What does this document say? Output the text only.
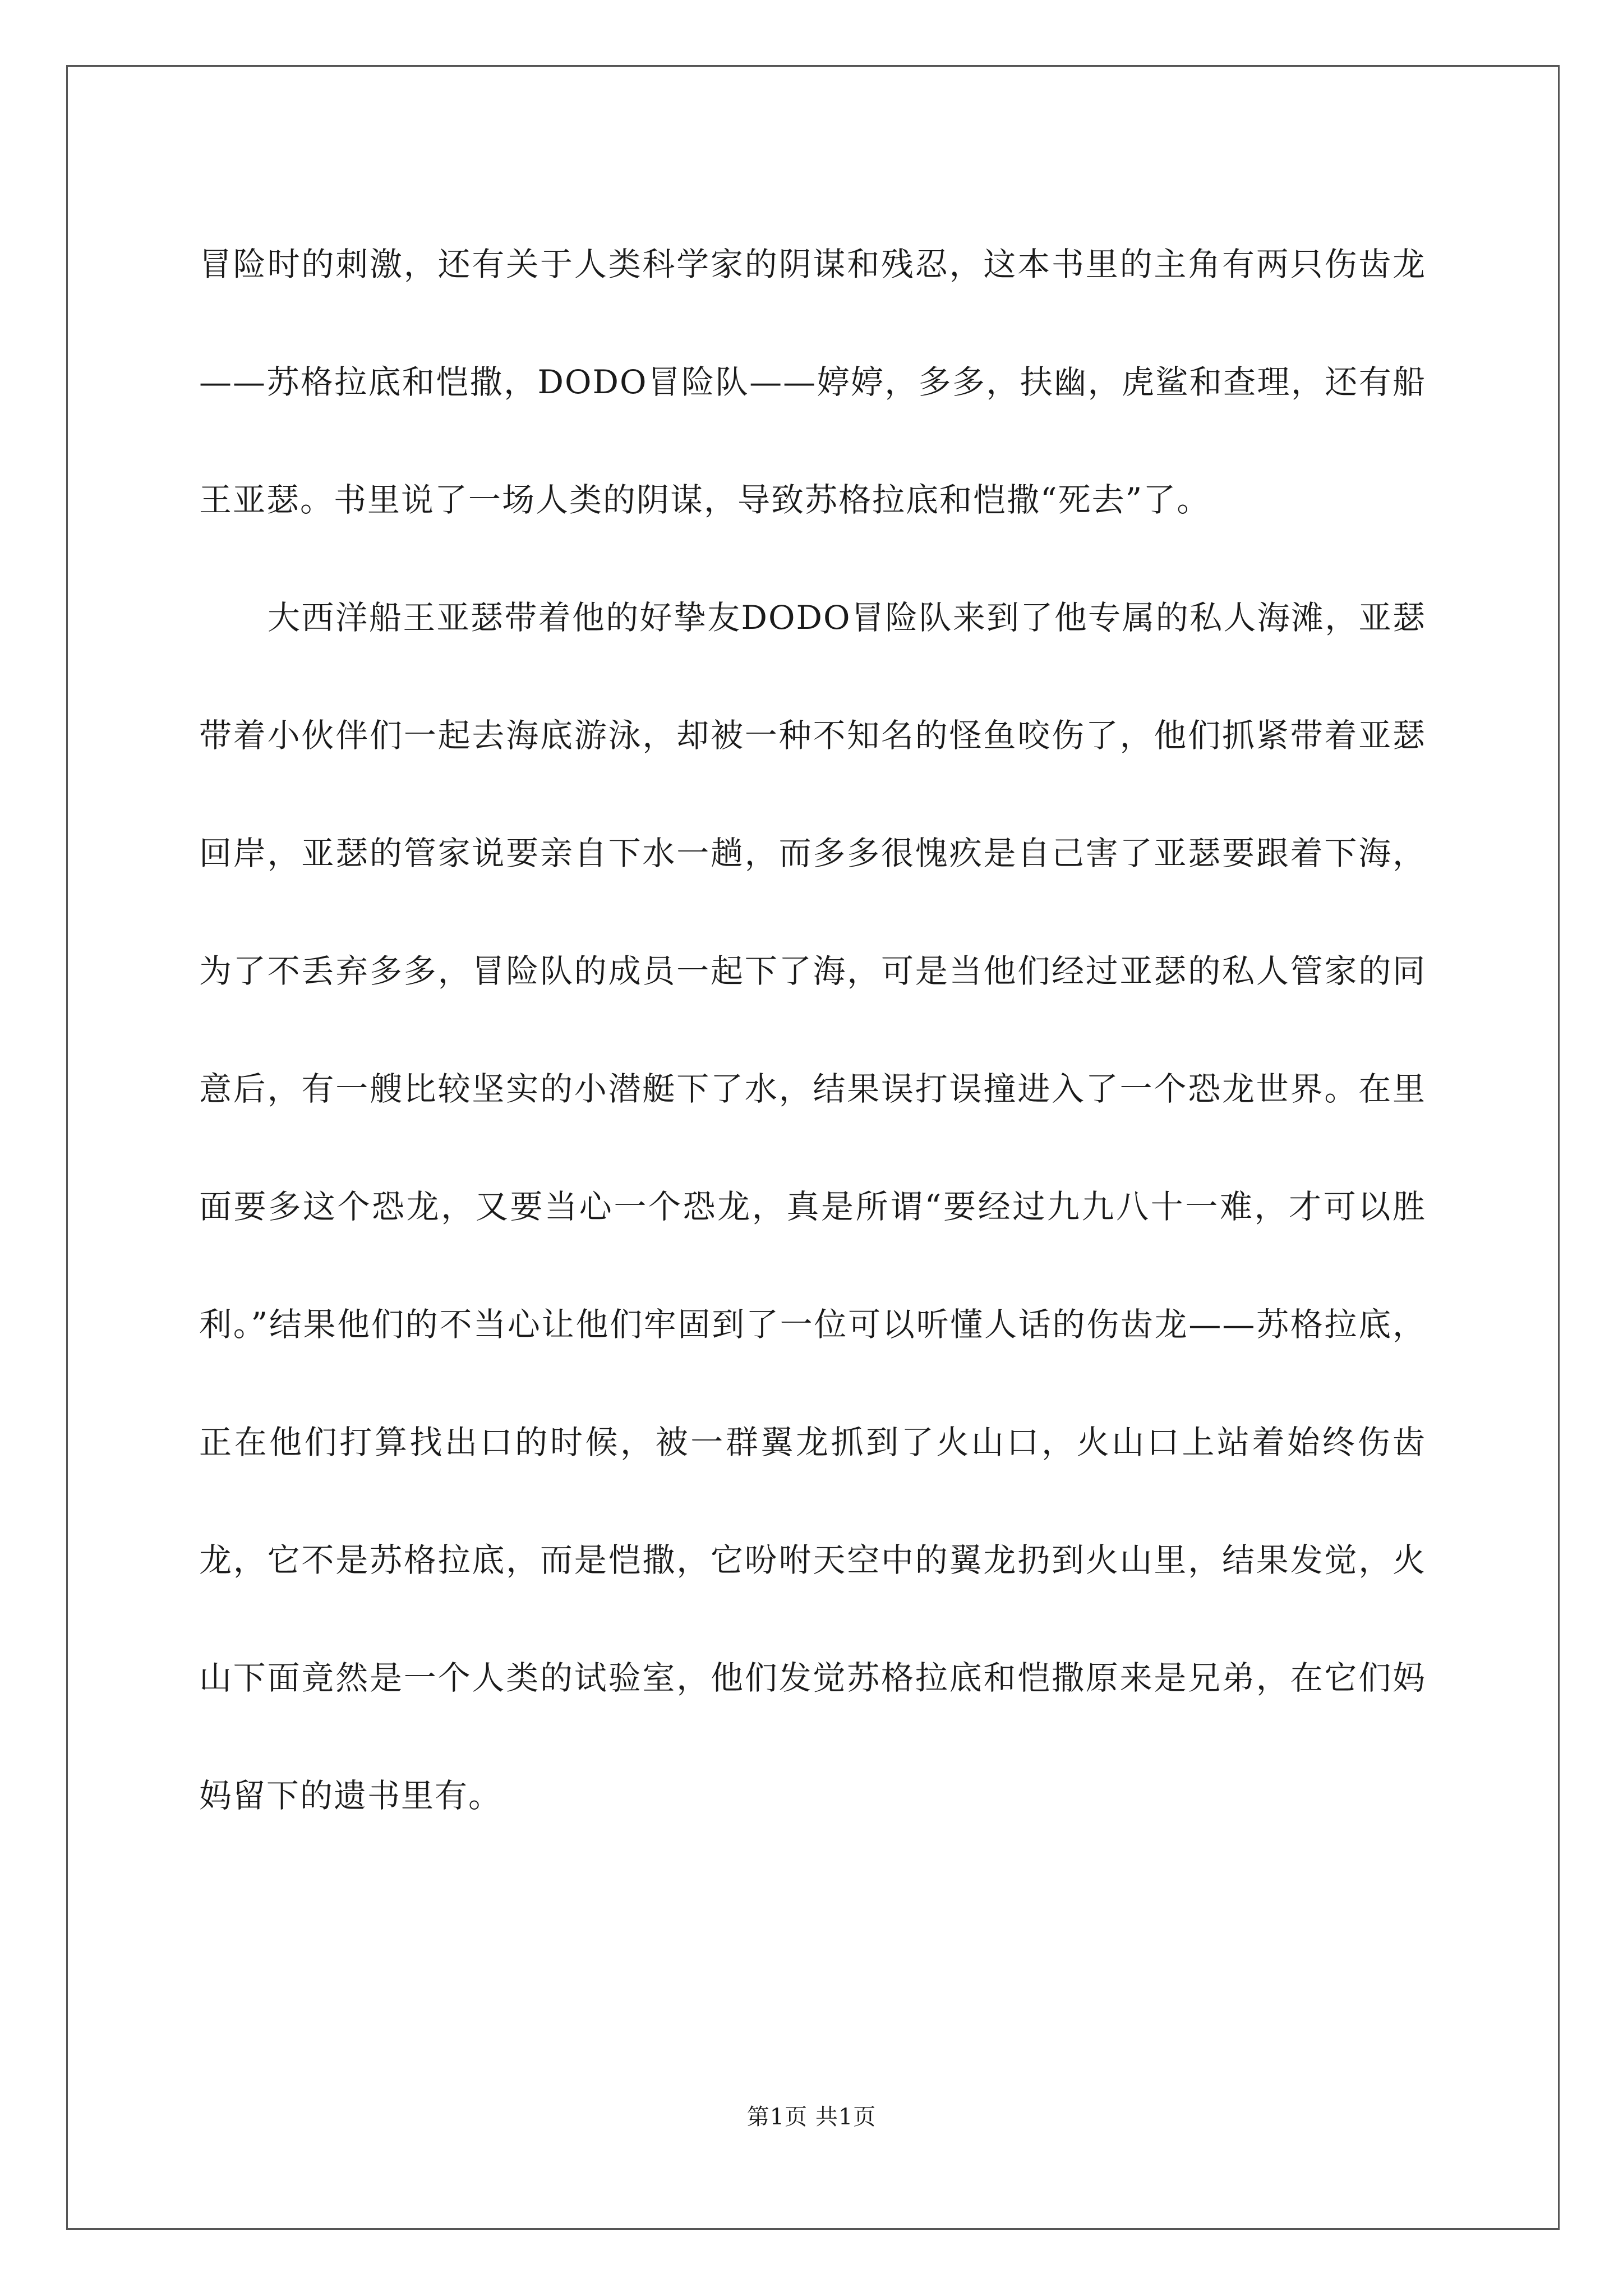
冒险时的刺激，还有关于人类科学家的阴谋和残忍，这本书里的主角有两只伤齿龙——苏格拉底和恺撒，DODO冒险队——婷婷，多多，扶幽，虎鲨和查理，还有船王亚瑟。书里说了一场人类的阴谋，导致苏格拉底和恺撒“死去”了。

大西洋船王亚瑟带着他的好挚友DODO冒险队来到了他专属的私人海滩，亚瑟带着小伙伴们一起去海底游泳，却被一种不知名的怪鱼咬伤了，他们抓紧带着亚瑟回岸，亚瑟的管家说要亲自下水一趟，而多多很愧疚是自己害了亚瑟要跟着下海，为了不丢弃多多，冒险队的成员一起下了海，可是当他们经过亚瑟的私人管家的同意后，有一艘比较坚实的小潜艇下了水，结果误打误撞进入了一个恐龙世界。在里面要多这个恐龙，又要当心一个恐龙，真是所谓“要经过九九八十一难，才可以胜利。”结果他们的不当心让他们牢固到了一位可以听懂人话的伤齿龙——苏格拉底，正在他们打算找出口的时候，被一群翼龙抓到了火山口，火山口上站着始终伤齿龙，它不是苏格拉底，而是恺撒，它吩咐天空中的翼龙扔到火山里，结果发觉，火山下面竟然是一个人类的试验室，他们发觉苏格拉底和恺撒原来是兄弟，在它们妈妈留下的遗书里有。

第1页 共1页
